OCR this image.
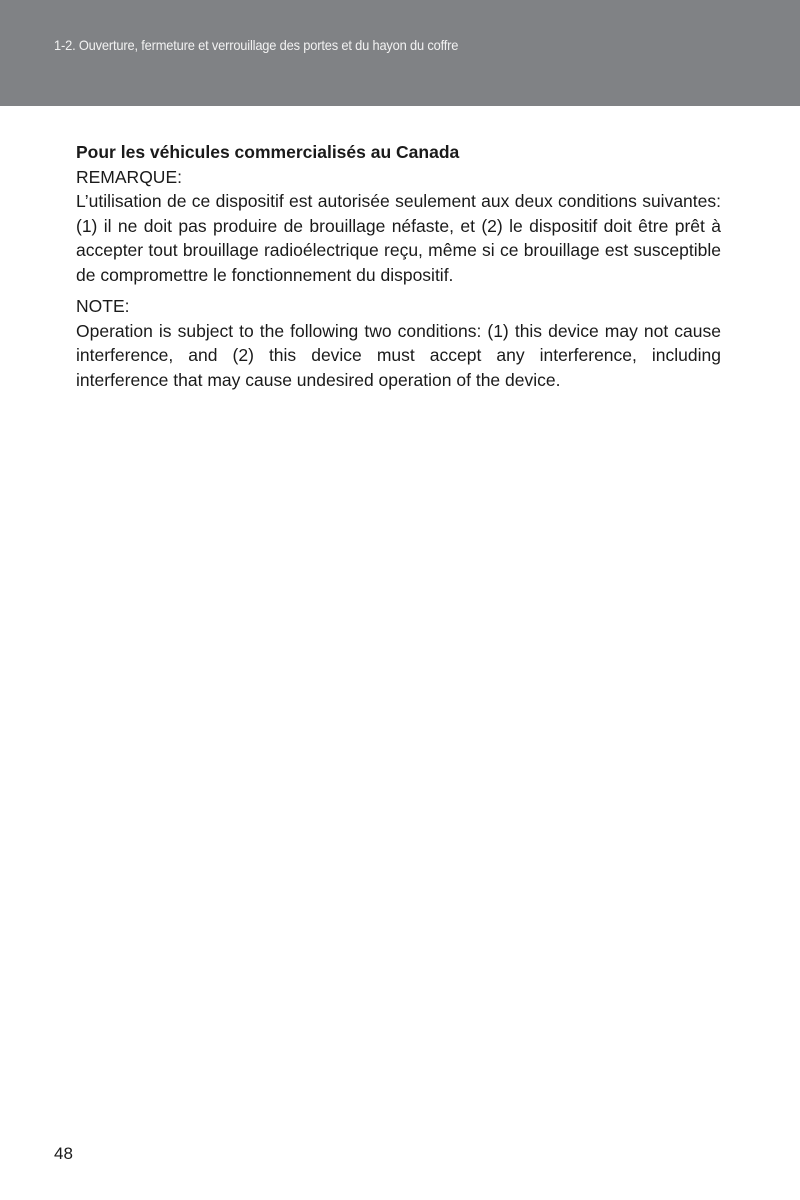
1-2. Ouverture, fermeture et verrouillage des portes et du hayon du coffre

Pour les véhicules commercialisés au Canada

REMARQUE:

L’utilisation de ce dispositif est autorisée seulement aux deux conditions suivantes: (1) il ne doit pas produire de brouillage néfaste, et (2) le dispositif doit être prêt à accepter tout brouillage radioélectrique reçu, même si ce brouillage est susceptible de compromettre le fonctionnement du dispositif.

NOTE:

Operation is subject to the following two conditions: (1) this device may not cause interference, and (2) this device must accept any interference, including interference that may cause undesired operation of the device.

48
